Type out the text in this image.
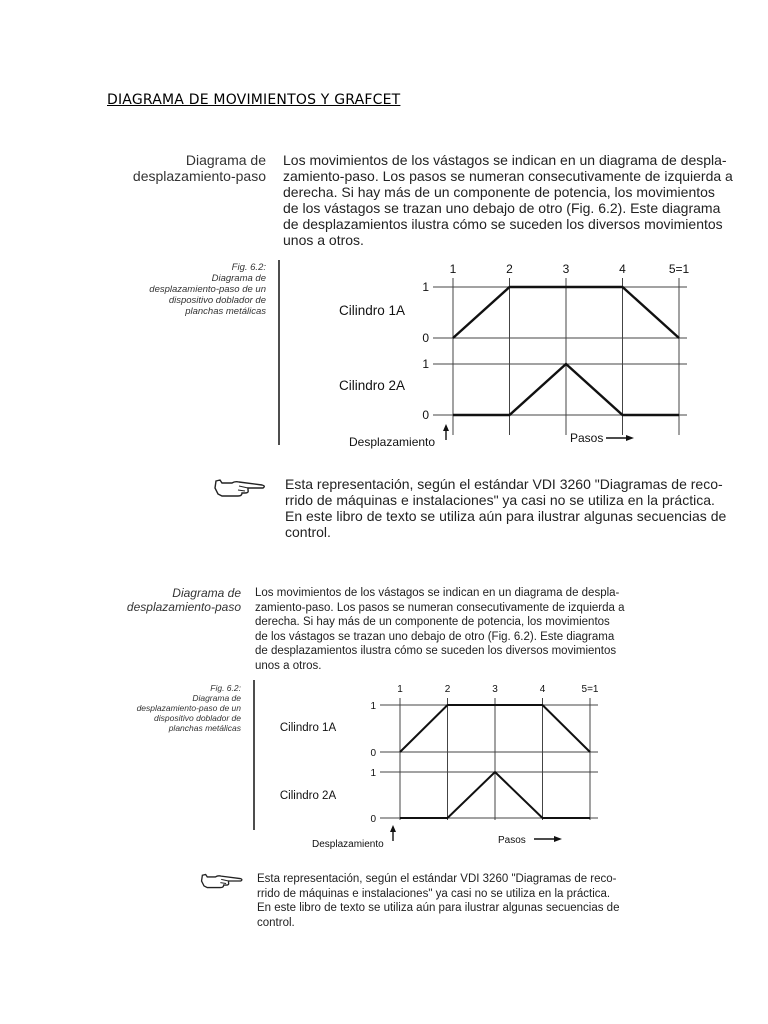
DIAGRAMA DE MOVIMIENTOS Y GRAFCET
Diagrama de
desplazamiento-paso
Los movimientos de los vástagos se indican en un diagrama de despla-
zamiento-paso. Los pasos se numeran consecutivamente de izquierda a
derecha. Si hay más de un componente de potencia, los movimientos
de los vástagos se trazan uno debajo de otro (Fig. 6.2). Este diagrama
de desplazamientos ilustra cómo se suceden los diversos movimientos
unos a otros.
Fig. 6.2:
Diagrama de
desplazamiento-paso de un
dispositivo doblador de
planchas metálicas
1	2	3	4	5=1
Cilindro 1A
1
0
Cilindro 2A
1
0
Desplazamiento	Pasos
Esta representación, según el estándar VDI 3260 "Diagramas de reco-
rrido de máquinas e instalaciones" ya casi no se utiliza en la práctica.
En este libro de texto se utiliza aún para ilustrar algunas secuencias de
control.
Diagrama de
desplazamiento-paso
Los movimientos de los vástagos se indican en un diagrama de despla-
zamiento-paso. Los pasos se numeran consecutivamente de izquierda a
derecha. Si hay más de un componente de potencia, los movimientos
de los vástagos se trazan uno debajo de otro (Fig. 6.2). Este diagrama
de desplazamientos ilustra cómo se suceden los diversos movimientos
unos a otros.
Fig. 6.2:
Diagrama de
desplazamiento-paso de un
dispositivo doblador de
planchas metálicas
1	2	3	4	5=1
Cilindro 1A
1
0
Cilindro 2A
1
0
Desplazamiento	Pasos
Esta representación, según el estándar VDI 3260 "Diagramas de reco-
rrido de máquinas e instalaciones" ya casi no se utiliza en la práctica.
En este libro de texto se utiliza aún para ilustrar algunas secuencias de
control.
